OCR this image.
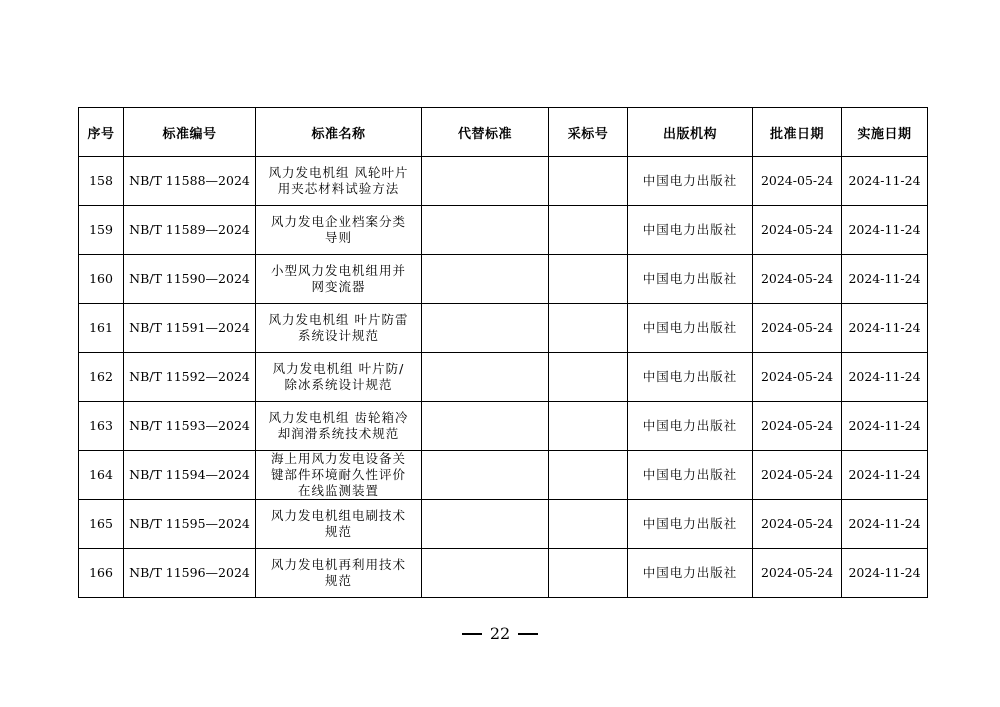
序号	标准编号	标准名称	代替标准	采标号	出版机构	批准日期	实施日期
158	NB/T 11588—2024	风力发电机组 风轮叶片
用夹芯材料试验方法			中国电力出版社	2024-05-24	2024-11-24
159	NB/T 11589—2024	风力发电企业档案分类
导则			中国电力出版社	2024-05-24	2024-11-24
160	NB/T 11590—2024	小型风力发电机组用并
网变流器			中国电力出版社	2024-05-24	2024-11-24
161	NB/T 11591—2024	风力发电机组 叶片防雷
系统设计规范			中国电力出版社	2024-05-24	2024-11-24
162	NB/T 11592—2024	风力发电机组 叶片防/
除冰系统设计规范			中国电力出版社	2024-05-24	2024-11-24
163	NB/T 11593—2024	风力发电机组 齿轮箱冷
却润滑系统技术规范			中国电力出版社	2024-05-24	2024-11-24
164	NB/T 11594—2024	海上用风力发电设备关
键部件环境耐久性评价
在线监测装置			中国电力出版社	2024-05-24	2024-11-24
165	NB/T 11595—2024	风力发电机组电刷技术
规范			中国电力出版社	2024-05-24	2024-11-24
166	NB/T 11596—2024	风力发电机再利用技术
规范			中国电力出版社	2024-05-24	2024-11-24
22
